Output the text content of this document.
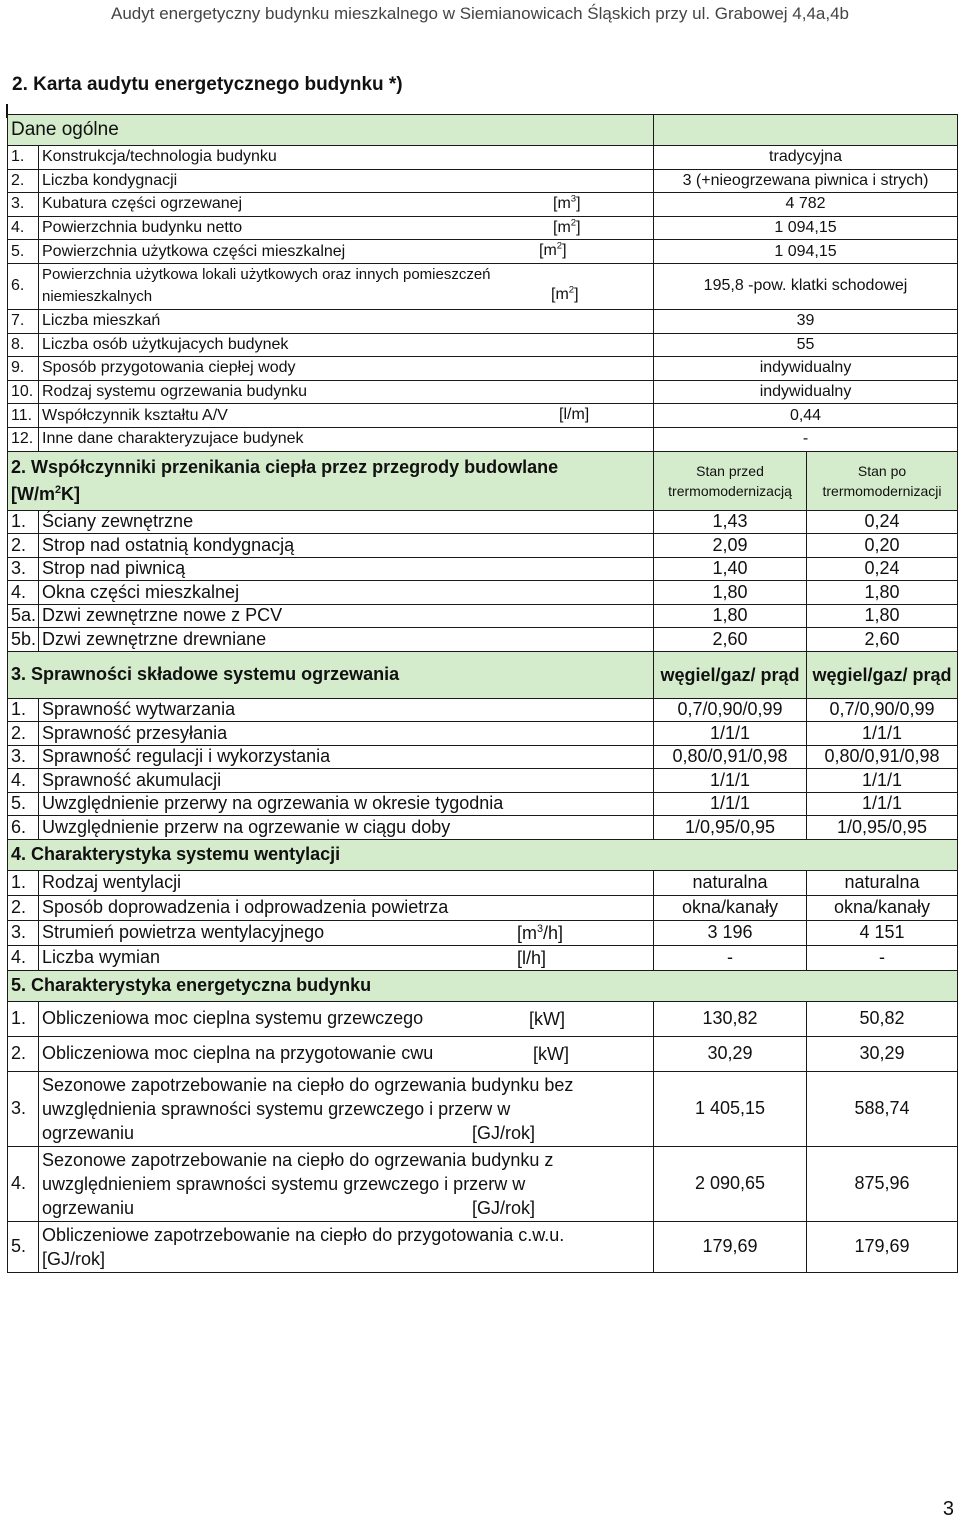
Audyt energetyczny budynku mieszkalnego w Siemianowicach Śląskich przy ul. Grabowej 4,4a,4b
2. Karta audytu energetycznego budynku *)
Dane ogólne			
1.	Konstrukcja/technologia budynku	tradycyjna	
2.	Liczba kondygnacji	3 (+nieogrzewana piwnica i strych)	
3.	Kubatura części ogrzewanej $[m^3]$	4 782	
4.	Powierzchnia budynku netto $[m^2]$	1 094,15	
5.	Powierzchnia użytkowa części mieszkalnej $[m^2]$	1 094,15	
6.	Powierzchnia użytkowa lokali użytkowych oraz innych pomieszczeń
niemieszkalnych $[m^2]$	195,8 -pow. klatki schodowej	
7.	Liczba mieszkań	39	
8.	Liczba osób użytkujacych budynek	55	
9.	Sposób przygotowania ciepłej wody	indywidualny	
10.	Rodzaj systemu ogrzewania budynku	indywidualny	
11.	Współczynnik kształtu A/V [l/m]	0,44	
12.	Inne dane charakteryzujace budynek	-	

2. Współczynniki przenikania ciepła przez przegrody budowlane
$[W/m^2K]$		Stan przed trermomodernizacją	Stan po trermomodernizacji
1.	Ściany zewnętrzne	1,43	0,24
2.	Strop nad ostatnią kondygnacją	2,09	0,20
3.	Strop nad piwnicą	1,40	0,24
4.	Okna części mieszkalnej	1,80	1,80
5a.	Dzwi zewnętrzne nowe z PCV	1,80	1,80
5b.	Dzwi zewnętrzne drewniane	2,60	2,60
3. Sprawności składowe systemu ogrzewania		węgiel/gaz/ prąd	węgiel/gaz/ prąd
1.	Sprawność wytwarzania	0,7/0,90/0,99	0,7/0,90/0,99
2.	Sprawność przesyłania	1/1/1	1/1/1
3.	Sprawność regulacji i wykorzystania	0,80/0,91/0,98	0,80/0,91/0,98
4.	Sprawność akumulacji	1/1/1	1/1/1
5.	Uwzględnienie przerwy na ogrzewania w okresie tygodnia	1/1/1	1/1/1
6.	Uwzględnienie przerw na ogrzewanie w ciągu doby	1/0,95/0,95	1/0,95/0,95
4. Charakterystyka systemu wentylacji			
1.	Rodzaj wentylacji	naturalna	naturalna
2.	Sposób doprowadzenia i odprowadzenia powietrza	okna/kanały	okna/kanały
3.	Strumień powietrza wentylacyjnego $[m^3/h]$	3 196	4 151
4.	Liczba wymian [l/h]	-	-
5. Charakterystyka energetyczna budynku			
1.	Obliczeniowa moc cieplna systemu grzewczego [kW]	130,82	50,82
2.	Obliczeniowa moc cieplna na przygotowanie cwu [kW]	30,29	30,29
3.	Sezonowe zapotrzebowanie na ciepło do ogrzewania budynku bez
uwzględnienia sprawności systemu grzewczego i przerw w
ogrzewaniu [GJ/rok]	1 405,15	588,74
4.	Sezonowe zapotrzebowanie na ciepło do ogrzewania budynku z
uwzględnieniem sprawności systemu grzewczego i przerw w
ogrzewaniu [GJ/rok]	2 090,65	875,96
5.	Obliczeniowe zapotrzebowanie na ciepło do przygotowania c.w.u.
[GJ/rok]	179,69	179,69
3
